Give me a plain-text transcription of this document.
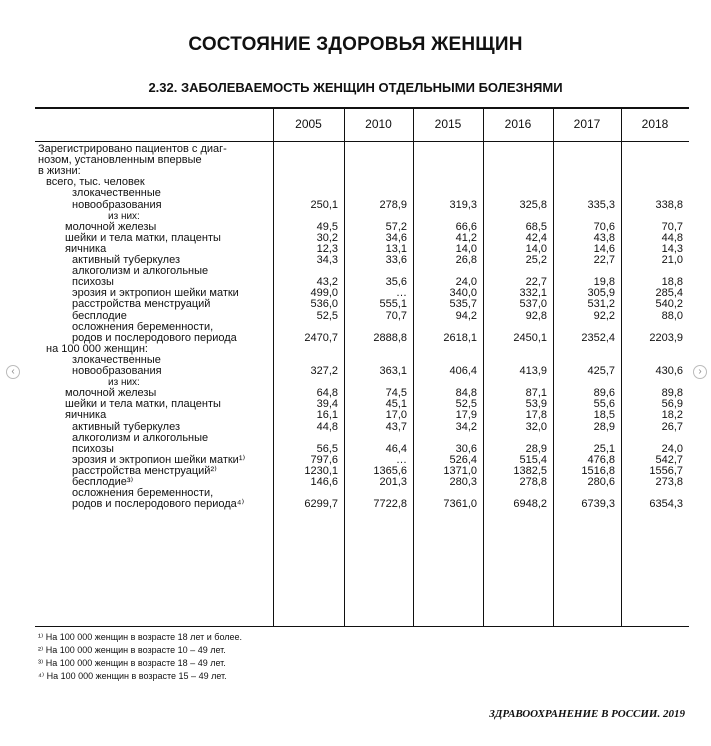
СОСТОЯНИЕ ЗДОРОВЬЯ ЖЕНЩИН
2.32. ЗАБОЛЕВАЕМОСТЬ ЖЕНЩИН ОТДЕЛЬНЫМИ БОЛЕЗНЯМИ
ЗДРАВООХРАНЕНИЕ В РОССИИ. 2019
‹	›
2005	2010	2015	2016	2017	2018
Зарегистрировано пациентов с диаг-
нозом, установленным впервые
в жизни:
всего, тыс. человек
злокачественные
новообразования	250,1	278,9	319,3	325,8	335,3	338,8
из них:
молочной железы	49,5	57,2	66,6	68,5	70,6	70,7
шейки и тела матки, плаценты	30,2	34,6	41,2	42,4	43,8	44,8
яичника	12,3	13,1	14,0	14,0	14,6	14,3
активный туберкулез	34,3	33,6	26,8	25,2	22,7	21,0
алкоголизм и алкогольные
психозы	43,2	35,6	24,0	22,7	19,8	18,8
эрозия и эктропион шейки матки	499,0	…	340,0	332,1	305,9	285,4
расстройства менструаций	536,0	555,1	535,7	537,0	531,2	540,2
бесплодие	52,5	70,7	94,2	92,8	92,2	88,0
осложнения беременности,
родов и послеродового периода	2470,7	2888,8	2618,1	2450,1	2352,4	2203,9
на 100 000 женщин:
злокачественные
новообразования	327,2	363,1	406,4	413,9	425,7	430,6
из них:
молочной железы	64,8	74,5	84,8	87,1	89,6	89,8
шейки и тела матки, плаценты	39,4	45,1	52,5	53,9	55,6	56,9
яичника	16,1	17,0	17,9	17,8	18,5	18,2
активный туберкулез	44,8	43,7	34,2	32,0	28,9	26,7
алкоголизм и алкогольные
психозы	56,5	46,4	30,6	28,9	25,1	24,0
эрозия и эктропион шейки матки¹⁾	797,6	…	526,4	515,4	476,8	542,7
расстройства менструаций²⁾	1230,1	1365,6	1371,0	1382,5	1516,8	1556,7
бесплодие³⁾	146,6	201,3	280,3	278,8	280,6	273,8
осложнения беременности,
родов и послеродового периода⁴⁾	6299,7	7722,8	7361,0	6948,2	6739,3	6354,3
¹⁾ На 100 000 женщин в возрасте 18 лет и более.
²⁾ На 100 000 женщин в возрасте 10 – 49 лет.
³⁾ На 100 000 женщин в возрасте 18 – 49 лет.
⁴⁾ На 100 000 женщин в возрасте 15 – 49 лет.
